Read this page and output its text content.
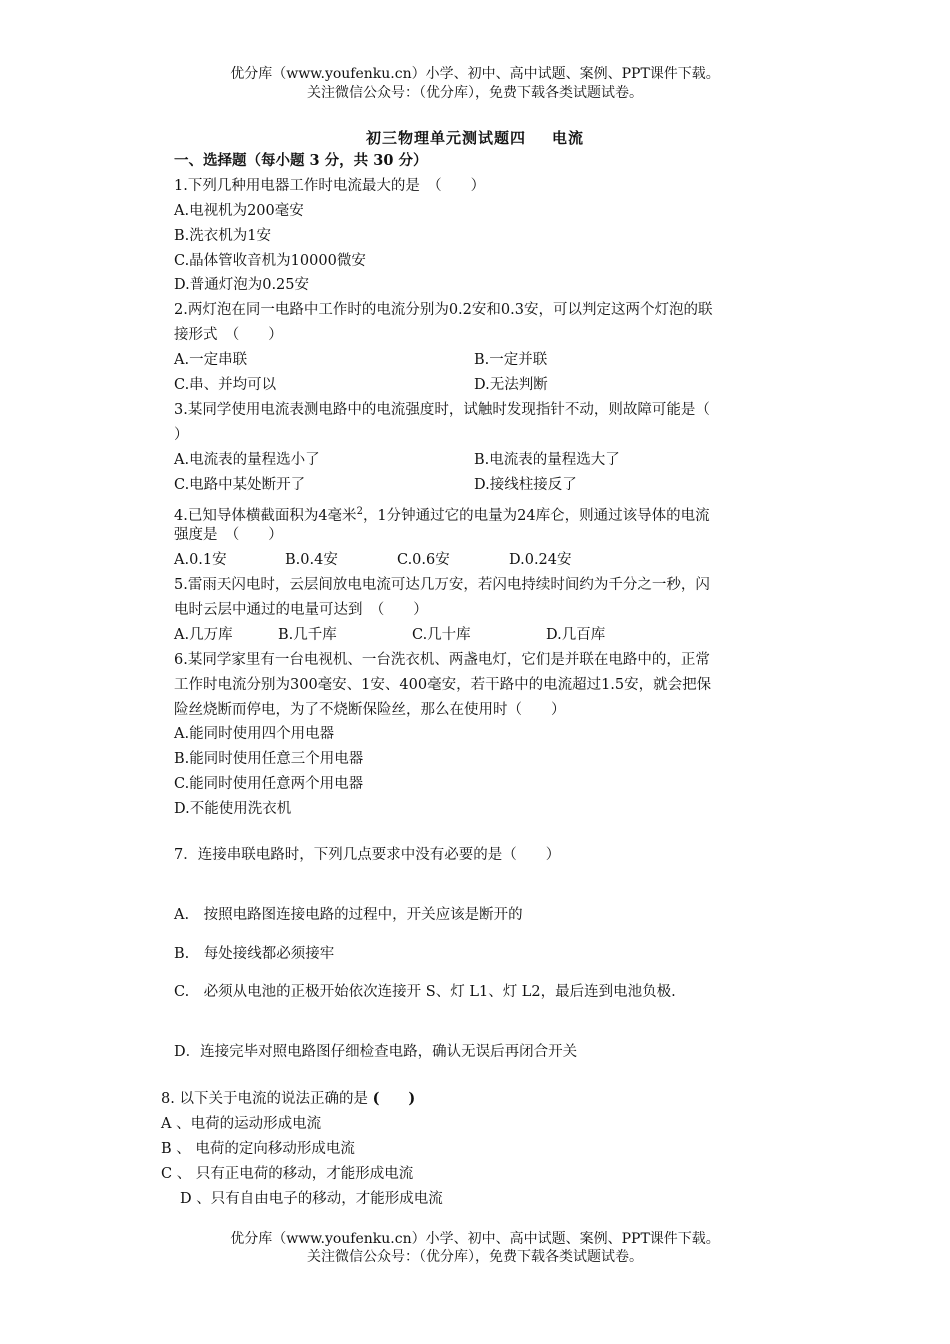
优分库（www.youfenku.cn）小学、初中、高中试题、案例、PPT课件下载。
关注微信公众号：（优分库），免费下载各类试题试卷。
初三物理单元测试题四 电流
一、选择题（每小题 3 分，共 30 分）
1.下列几种用电器工作时电流最大的是　（　　）
A.电视机为200毫安
B.洗衣机为1安
C.晶体管收音机为10000微安
D.普通灯泡为0.25安
2.两灯泡在同一电路中工作时的电流分别为0.2安和0.3安，可以判定这两个灯泡的联
接形式　（　　）
A.一定串联	B.一定并联
C.串、并均可以	D.无法判断
3.某同学使用电流表测电路中的电流强度时，试触时发现指针不动，则故障可能是（
）
A.电流表的量程选小了	B.电流表的量程选大了
C.电路中某处断开了	D.接线柱接反了
4.已知导体横截面积为4毫米$^2$，1分钟通过它的电量为24库仑，则通过该导体的电流
强度是　（　　）
A.0.1安	B.0.4安	C.0.6安	D.0.24安
5.雷雨天闪电时，云层间放电电流可达几万安，若闪电持续时间约为千分之一秒，闪
电时云层中通过的电量可达到　（　　）
A.几万库	B.几千库	C.几十库	D.几百库
6.某同学家里有一台电视机、一台洗衣机、两盏电灯，它们是并联在电路中的，正常
工作时电流分别为300毫安、1安、400毫安，若干路中的电流超过1.5安，就会把保
险丝烧断而停电，为了不烧断保险丝，那么在使用时（　　）
A.能同时使用四个用电器
B.能同时使用任意三个用电器
C.能同时使用任意两个用电器
D.不能使用洗衣机
7．连接串联电路时，下列几点要求中没有必要的是（　　）
A.　按照电路图连接电路的过程中，开关应该是断开的
B.　每处接线都必须接牢
C.　必须从电池的正极开始依次连接开 S、灯 L1、灯 L2，最后连到电池负极.
D．连接完毕对照电路图仔细检查电路，确认无误后再闭合开关
8. 以下关于电流的说法正确的是 (　　)
A 、电荷的运动形成电流
B 、 电荷的定向移动形成电流
C 、 只有正电荷的移动，才能形成电流
D 、只有自由电子的移动，才能形成电流
优分库（www.youfenku.cn）小学、初中、高中试题、案例、PPT课件下载。
关注微信公众号：（优分库），免费下载各类试题试卷。
